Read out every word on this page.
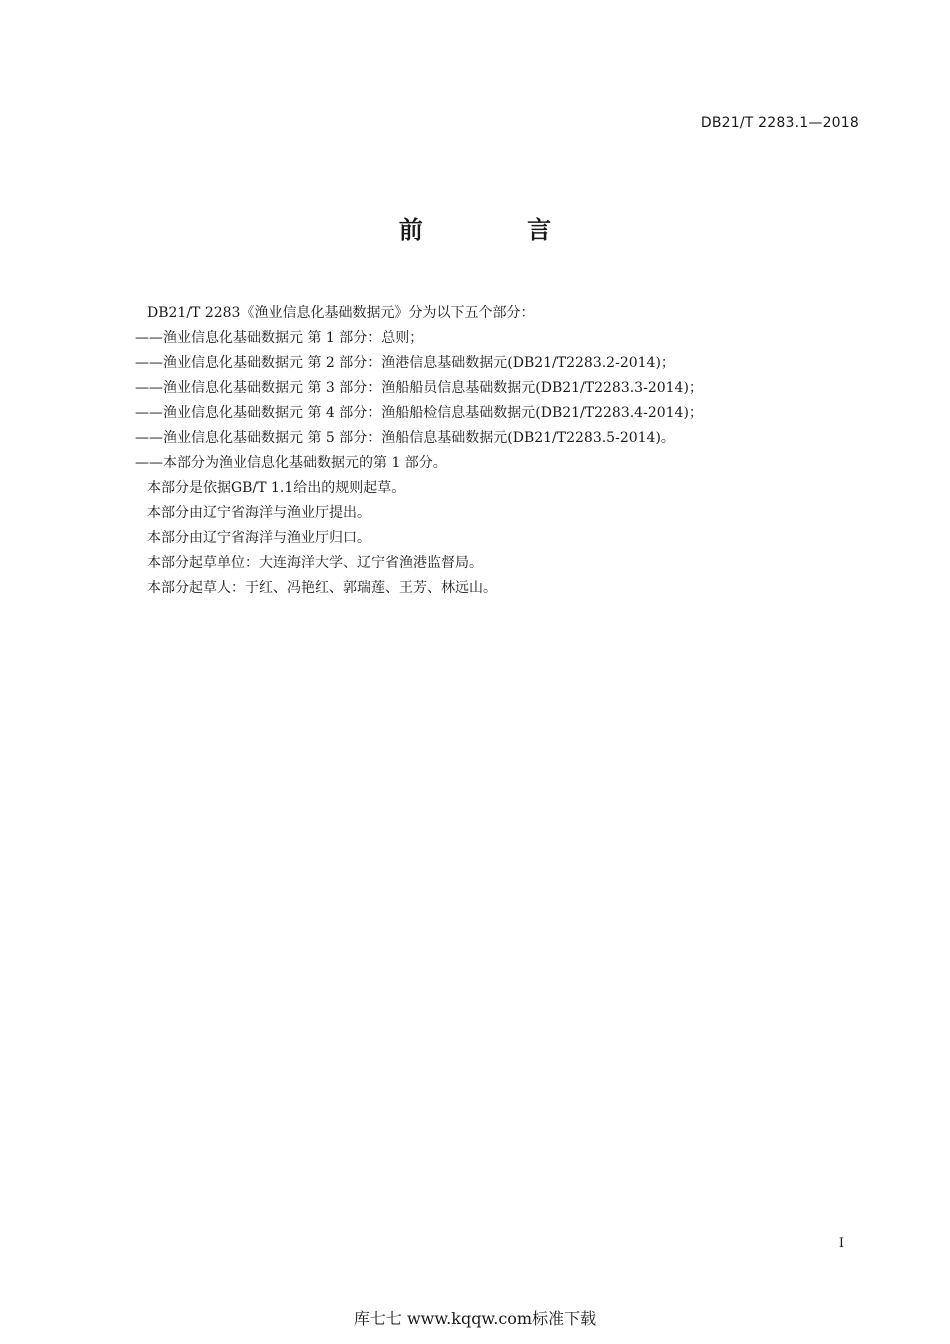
DB21/T 2283.1—2018
前 言
DB21/T 2283《渔业信息化基础数据元》分为以下五个部分：
——渔业信息化基础数据元 第 1 部分：总则；
——渔业信息化基础数据元 第 2 部分：渔港信息基础数据元(DB21/T2283.2-2014)；
——渔业信息化基础数据元 第 3 部分：渔船船员信息基础数据元(DB21/T2283.3-2014)；
——渔业信息化基础数据元 第 4 部分：渔船船检信息基础数据元(DB21/T2283.4-2014)；
——渔业信息化基础数据元 第 5 部分：渔船信息基础数据元(DB21/T2283.5-2014)。
——本部分为渔业信息化基础数据元的第 1 部分。
本部分是依据GB/T 1.1给出的规则起草。
本部分由辽宁省海洋与渔业厅提出。
本部分由辽宁省海洋与渔业厅归口。
本部分起草单位：大连海洋大学、辽宁省渔港监督局。
本部分起草人：于红、冯艳红、郭瑞莲、王芳、林远山。
I
库七七 www.kqqw.com标准下载
